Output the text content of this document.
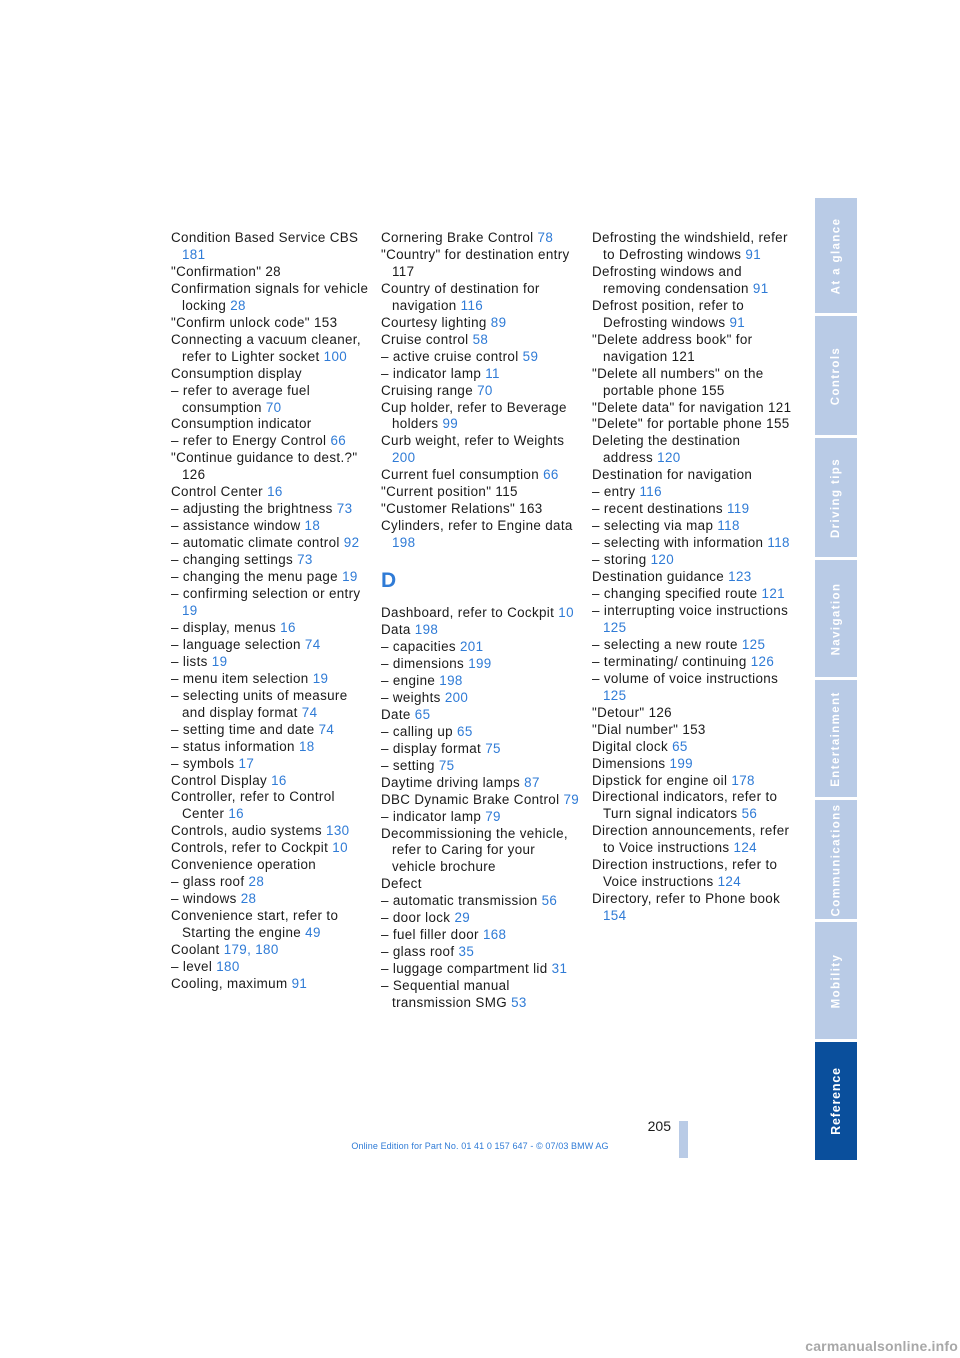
Condition Based Service CBS 181
"Confirmation" 28
Confirmation signals for vehicle locking 28
"Confirm unlock code" 153
Connecting a vacuum cleaner, refer to Lighter socket 100
Consumption display
– refer to average fuel consumption 70
Consumption indicator
– refer to Energy Control 66
"Continue guidance to dest.?" 126
Control Center 16
– adjusting the brightness 73
– assistance window 18
– automatic climate control 92
– changing settings 73
– changing the menu page 19
– confirming selection or entry 19
– display, menus 16
– language selection 74
– lists 19
– menu item selection 19
– selecting units of measure and display format 74
– setting time and date 74
– status information 18
– symbols 17
Control Display 16
Controller, refer to Control Center 16
Controls, audio systems 130
Controls, refer to Cockpit 10
Convenience operation
– glass roof 28
– windows 28
Convenience start, refer to Starting the engine 49
Coolant 179, 180
– level 180
Cooling, maximum 91
Cornering Brake Control 78
"Country" for destination entry 117
Country of destination for navigation 116
Courtesy lighting 89
Cruise control 58
– active cruise control 59
– indicator lamp 11
Cruising range 70
Cup holder, refer to Beverage holders 99
Curb weight, refer to Weights 200
Current fuel consumption 66
"Current position" 115
"Customer Relations" 163
Cylinders, refer to Engine data 198
D
Dashboard, refer to Cockpit 10
Data 198
– capacities 201
– dimensions 199
– engine 198
– weights 200
Date 65
– calling up 65
– display format 75
– setting 75
Daytime driving lamps 87
DBC Dynamic Brake Control 79
– indicator lamp 79
Decommissioning the vehicle, refer to Caring for your vehicle brochure
Defect
– automatic transmission 56
– door lock 29
– fuel filler door 168
– glass roof 35
– luggage compartment lid 31
– Sequential manual transmission SMG 53
Defrosting the windshield, refer to Defrosting windows 91
Defrosting windows and removing condensation 91
Defrost position, refer to Defrosting windows 91
"Delete address book" for navigation 121
"Delete all numbers" on the portable phone 155
"Delete data" for navigation 121
"Delete" for portable phone 155
Deleting the destination address 120
Destination for navigation
– entry 116
– recent destinations 119
– selecting via map 118
– selecting with information 118
– storing 120
Destination guidance 123
– changing specified route 121
– interrupting voice instructions 125
– selecting a new route 125
– terminating/ continuing 126
– volume of voice instructions 125
"Detour" 126
"Dial number" 153
Digital clock 65
Dimensions 199
Dipstick for engine oil 178
Directional indicators, refer to Turn signal indicators 56
Direction announcements, refer to Voice instructions 124
Direction instructions, refer to Voice instructions 124
Directory, refer to Phone book 154
At a glance
Controls
Driving tips
Navigation
Entertainment
Communications
Mobility
Reference
205
Online Edition for Part No. 01 41 0 157 647 - © 07/03 BMW AG
carmanualsonline.info
